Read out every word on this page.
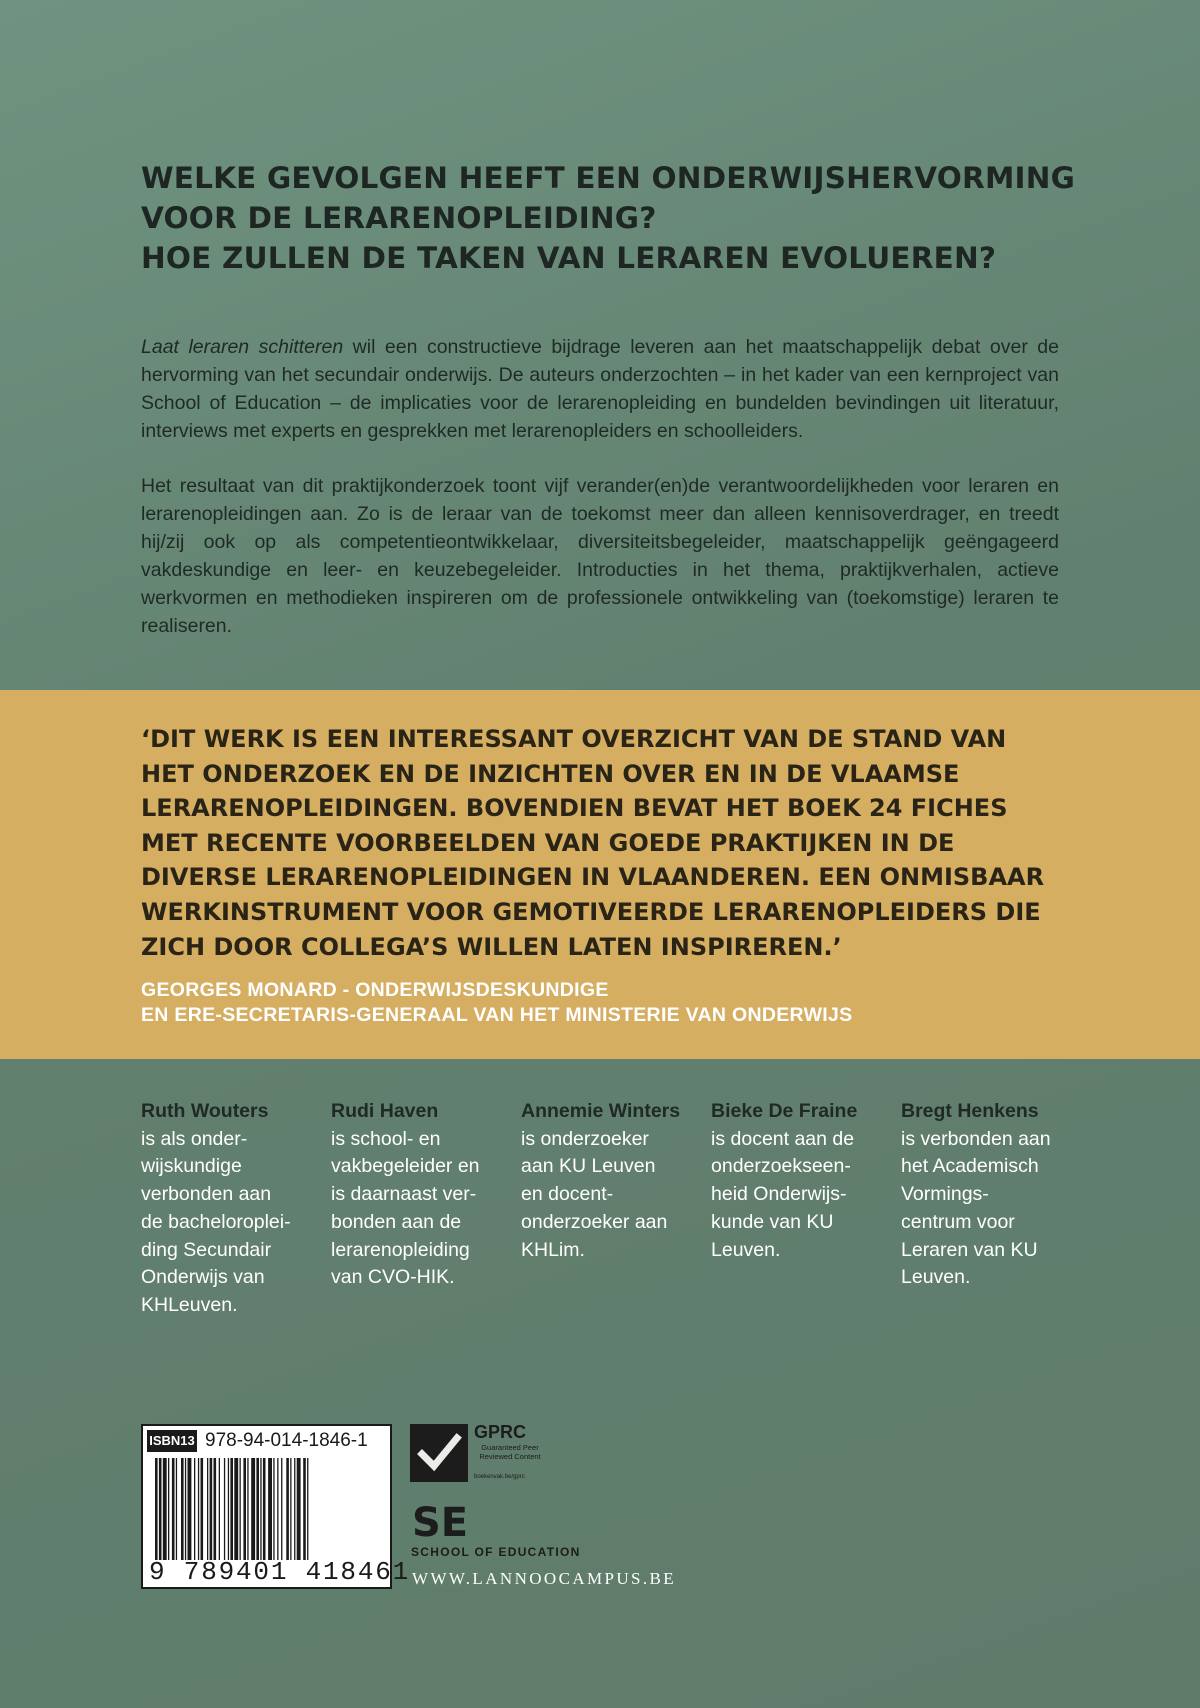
WELKE GEVOLGEN HEEFT EEN ONDERWIJSHERVORMING
VOOR DE LERARENOPLEIDING?
HOE ZULLEN DE TAKEN VAN LERAREN EVOLUEREN?

Laat leraren schitteren wil een constructieve bijdrage leveren aan het maatschappelijk debat over de hervorming van het secundair onderwijs. De auteurs onderzochten – in het kader van een kernproject van School of Education – de implicaties voor de lerarenopleiding en bundelden bevindingen uit literatuur, interviews met experts en gesprekken met lerarenopleiders en schoolleiders.

Het resultaat van dit praktijkonderzoek toont vijf verander(en)de verantwoordelijkheden voor leraren en lerarenopleidingen aan. Zo is de leraar van de toekomst meer dan alleen kennisoverdrager, en treedt hij/zij ook op als competentieontwikkelaar, diversiteitsbegeleider, maatschappelijk geëngageerd vakdeskundige en leer- en keuzebegeleider. Introducties in het thema, praktijkverhalen, actieve werkvormen en methodieken inspireren om de professionele ontwikkeling van (toekomstige) leraren te realiseren.

‘DIT WERK IS EEN INTERESSANT OVERZICHT VAN DE STAND VAN
HET ONDERZOEK EN DE INZICHTEN OVER EN IN DE VLAAMSE
LERARENOPLEIDINGEN. BOVENDIEN BEVAT HET BOEK 24 FICHES
MET RECENTE VOORBEELDEN VAN GOEDE PRAKTIJKEN IN DE
DIVERSE LERARENOPLEIDINGEN IN VLAANDEREN. EEN ONMISBAAR
WERKINSTRUMENT VOOR GEMOTIVEERDE LERARENOPLEIDERS DIE
ZICH DOOR COLLEGA’S WILLEN LATEN INSPIREREN.’
GEORGES MONARD - ONDERWIJSDESKUNDIGE
EN ERE-SECRETARIS-GENERAAL VAN HET MINISTERIE VAN ONDERWIJS
Ruth Wouters
is als onder-
wijskundige
verbonden aan
de bacheloroplei-
ding Secundair
Onderwijs van
KHLeuven.
Rudi Haven
is school- en
vakbegeleider en
is daarnaast ver-
bonden aan de
lerarenopleiding
van CVO-HIK.
Annemie Winters
is onderzoeker
aan KU Leuven
en docent-
onderzoeker aan
KHLim.
Bieke De Fraine
is docent aan de
onderzoekseen-
heid Onderwijs-
kunde van KU
Leuven.
Bregt Henkens
is verbonden aan
het Academisch
Vormings-
centrum voor
Leraren van KU
Leuven.
ISBN13 978-94-014-1846-1
9 789401 418461
GPRC
Guaranteed Peer Reviewed Content
boekenvak.be/gprc
SE
SCHOOL OF EDUCATION
WWW.LANNOOCAMPUS.BE
